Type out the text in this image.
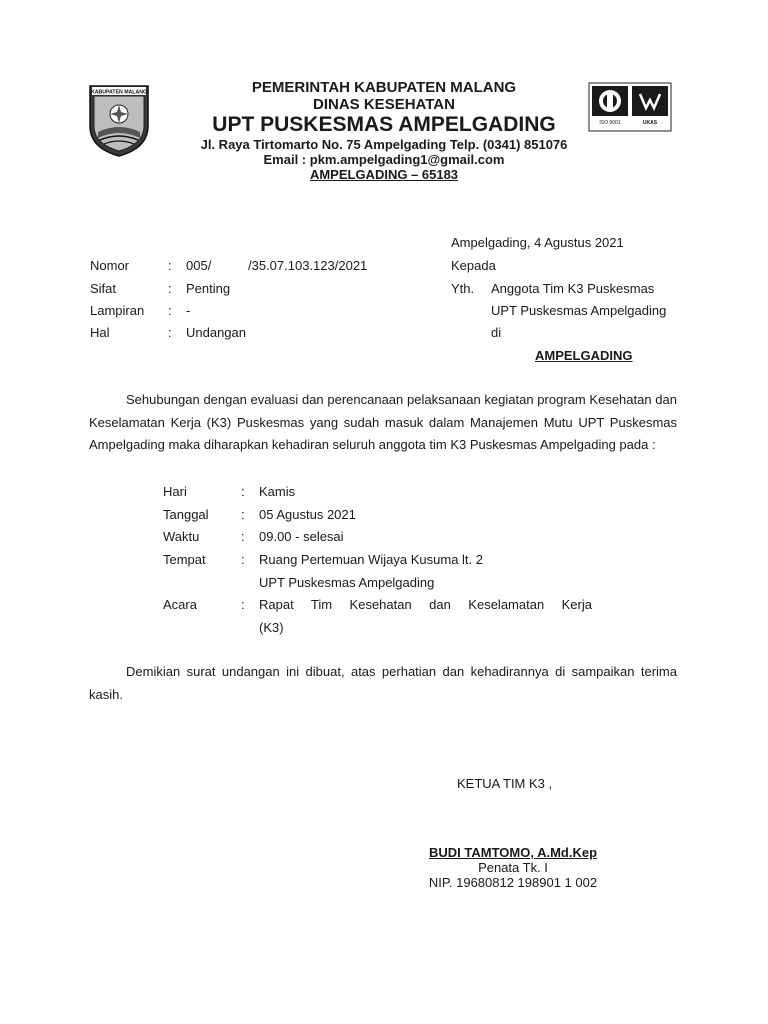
KABUPATEN MALANG
ISO 9001	UKAS
PEMERINTAH KABUPATEN MALANG
DINAS KESEHATAN
UPT PUSKESMAS AMPELGADING
Jl. Raya Tirtomarto No. 75 Ampelgading Telp. (0341) 851076
Email : pkm.ampelgading1@gmail.com
AMPELGADING – 65183
Ampelgading, 4 Agustus 2021
Kepada
Nomor	: 005/	/35.07.103.123/2021
Sifat	: Penting
Lampiran : -
Hal	: Undangan
Yth. Anggota Tim K3 Puskesmas
UPT Puskesmas Ampelgading
di
AMPELGADING

Sehubungan dengan evaluasi dan perencanaan pelaksanaan kegiatan program Kesehatan dan Keselamatan Kerja (K3) Puskesmas yang sudah masuk dalam Manajemen Mutu UPT Puskesmas Ampelgading maka diharapkan kehadiran seluruh anggota tim K3 Puskesmas Ampelgading pada :

Hari	: Kamis
Tanggal : 05 Agustus 2021
Waktu	: 09.00 - selesai
Tempat	: Ruang Pertemuan Wijaya Kusuma lt. 2
UPT Puskesmas Ampelgading
Acara	: Rapat Tim Kesehatan dan Keselamatan Kerja
(K3)

Demikian surat undangan ini dibuat, atas perhatian dan kehadirannya di sampaikan terima kasih.

KETUA TIM K3 ,
BUDI TAMTOMO, A.Md.Kep
Penata Tk. I
NIP. 19680812 198901 1 002
